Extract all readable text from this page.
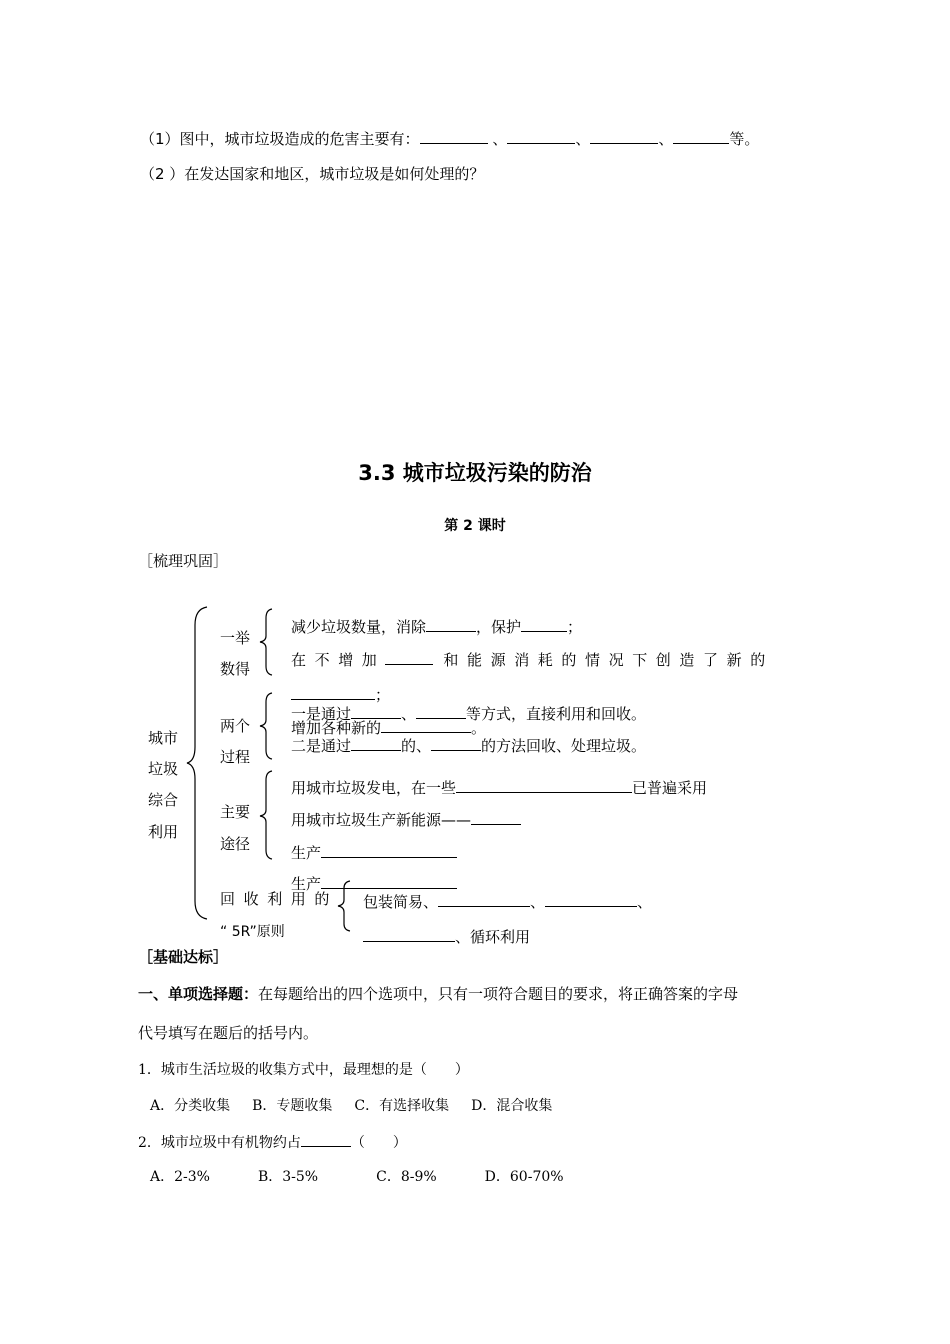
（1）图中，城市垃圾造成的危害主要有：	、	、	、	等。
（2 ）在发达国家和地区，城市垃圾是如何处理的？
3.3 城市垃圾污染的防治
第 2 课时
［梳理巩固］
城市
垃圾
综合
利用
一举
数得
减少垃圾数量，消除	，保护	；
在不增加	和能源消耗的情况下创造了新的
；
两个
过程
一是通过	、	等方式，直接利用和回收。
增加各种新的	。
二是通过	的、	的方法回收、处理垃圾。
主要
途径
用城市垃圾发电，在一些	已普遍采用
用城市垃圾生产新能源——
生产
生产
回收利用的
“ 5R”原则
包装简易、	、	、
、循环利用
［基础达标］
一、单项选择题：在每题给出的四个选项中，只有一项符合题目的要求，将正确答案的字母
代号填写在题后的括号内。
1．城市生活垃圾的收集方式中，最理想的是（　　）
A．分类收集 B．专题收集 C．有选择收集 D．混合收集
2．城市垃圾中有机物约占	（　　）
A．2-3%	B．3-5%	C．8-9%	D．60-70%
